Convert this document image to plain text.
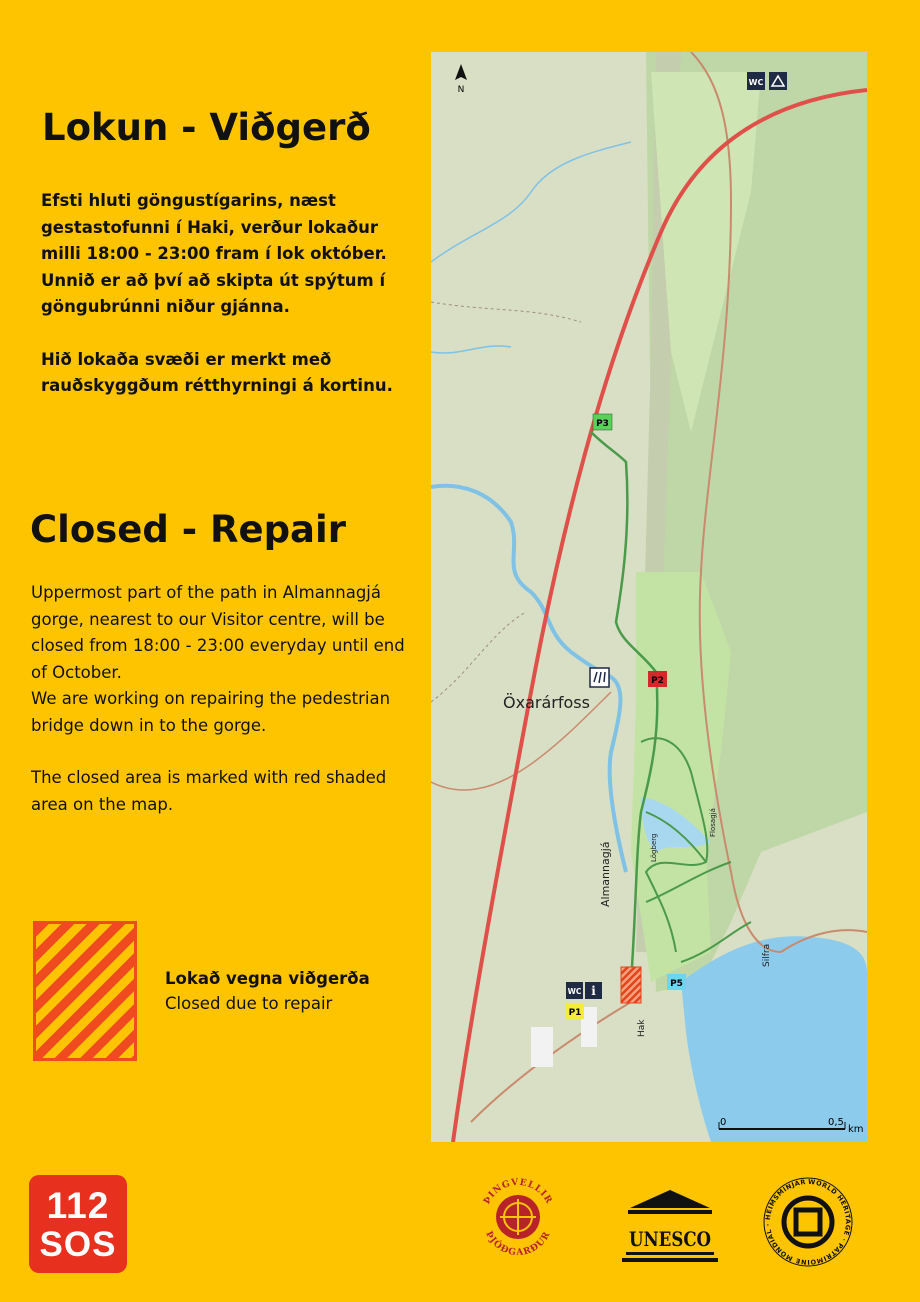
Lokun - Viðgerð

Efsti hluti göngustígarins, næst gestastofunni í Haki, verður lokaður milli 18:00 - 23:00 fram í lok október. Unnið er að því að skipta út spýtum í göngubrúnni niður gjánna.

Hið lokaða svæði er merkt með rauðskyggðum rétthyrningi á kortinu.

Closed - Repair

Uppermost part of the path in Almannagjá gorge, nearest to our Visitor centre, will be closed from 18:00 - 23:00 everyday until end of October.

We are working on repairing the pedestrian bridge down in to the gorge.

The closed area is marked with red shaded area on the map.

Lokað vegna viðgerða
Closed due to repair
N
WC
WC i
P3
P2
P1
P5
Öxarárfoss
Almannagjá	Lögberg
Flosagjá
Silfra
Hak
0	0,5
km
112
SOS
ÞINGVELLIR
ÞJÓÐGARÐUR	UNESCO
WORLD HERITAGE · PATRIMOINE MONDIAL · HEIMSMINJAR
